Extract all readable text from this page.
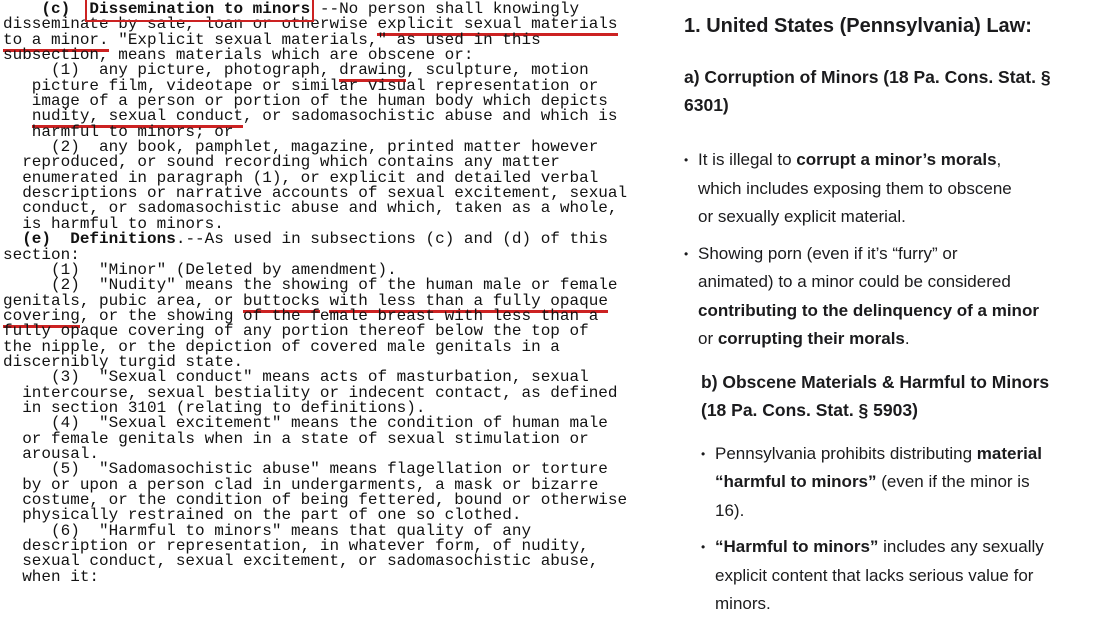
(c) Dissemination to minors --No person shall knowingly
disseminate by sale, loan or otherwise explicit sexual materials
to a minor. "Explicit sexual materials," as used in this
subsection, means materials which are obscene or:
(1)  any picture, photograph, drawing, sculpture, motion
picture film, videotape or similar visual representation or
image of a person or portion of the human body which depicts
nudity, sexual conduct, or sadomasochistic abuse and which is
harmful to minors; or
(2)  any book, pamphlet, magazine, printed matter however
reproduced, or sound recording which contains any matter
enumerated in paragraph (1), or explicit and detailed verbal
descriptions or narrative accounts of sexual excitement, sexual
conduct, or sadomasochistic abuse and which, taken as a whole,
is harmful to minors.
(e) Definitions.--As used in subsections (c) and (d) of this
section:
(1)  "Minor" (Deleted by amendment).
(2)  "Nudity" means the showing of the human male or female
genitals, pubic area, or buttocks with less than a fully opaque
covering, or the showing of the female breast with less than a
fully opaque covering of any portion thereof below the top of
the nipple, or the depiction of covered male genitals in a
discernibly turgid state.
(3)  "Sexual conduct" means acts of masturbation, sexual
intercourse, sexual bestiality or indecent contact, as defined
in section 3101 (relating to definitions).
(4)  "Sexual excitement" means the condition of human male
or female genitals when in a state of sexual stimulation or
arousal.
(5)  "Sadomasochistic abuse" means flagellation or torture
by or upon a person clad in undergarments, a mask or bizarre
costume, or the condition of being fettered, bound or otherwise
physically restrained on the part of one so clothed.
(6)  "Harmful to minors" means that quality of any
description or representation, in whatever form, of nudity,
sexual conduct, sexual excitement, or sadomasochistic abuse,
when it:
1. United States (Pennsylvania) Law:
a) Corruption of Minors (18 Pa. Cons. Stat. §
6301)
• It is illegal to corrupt a minor’s morals,
which includes exposing them to obscene
or sexually explicit material.
• Showing porn (even if it’s “furry” or
animated) to a minor could be considered
contributing to the delinquency of a minor
or corrupting their morals.
b) Obscene Materials & Harmful to Minors
(18 Pa. Cons. Stat. § 5903)
• Pennsylvania prohibits distributing material
“harmful to minors” (even if the minor is
16).
• “Harmful to minors” includes any sexually
explicit content that lacks serious value for
minors.
